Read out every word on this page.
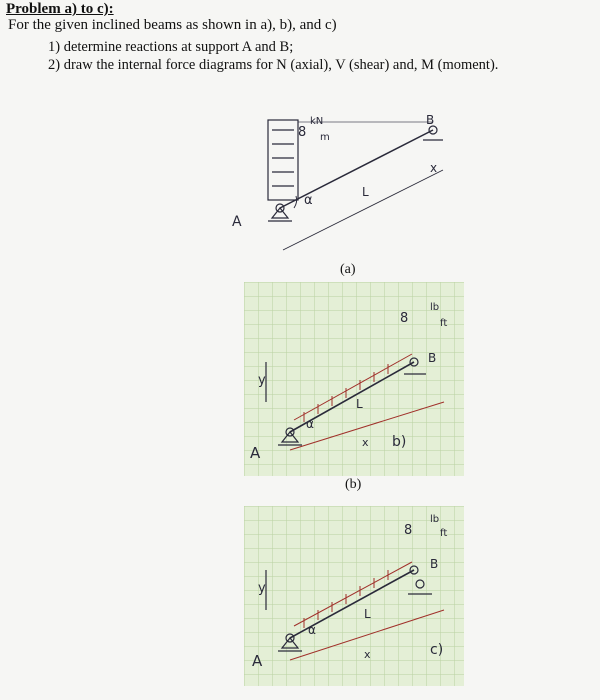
Problem a) to c):
For the given inclined beams as shown in a), b), and c)
1) determine reactions at support A and B;
2) draw the internal force diagrams for N (axial), V (shear) and, M (moment).
A
B
8
kN
m
α
L
x
(a)
A
B
8
lb
ft
α
L
y
x b)
(b)
A
B
8
lb
ft
α
L
y
x	c)
